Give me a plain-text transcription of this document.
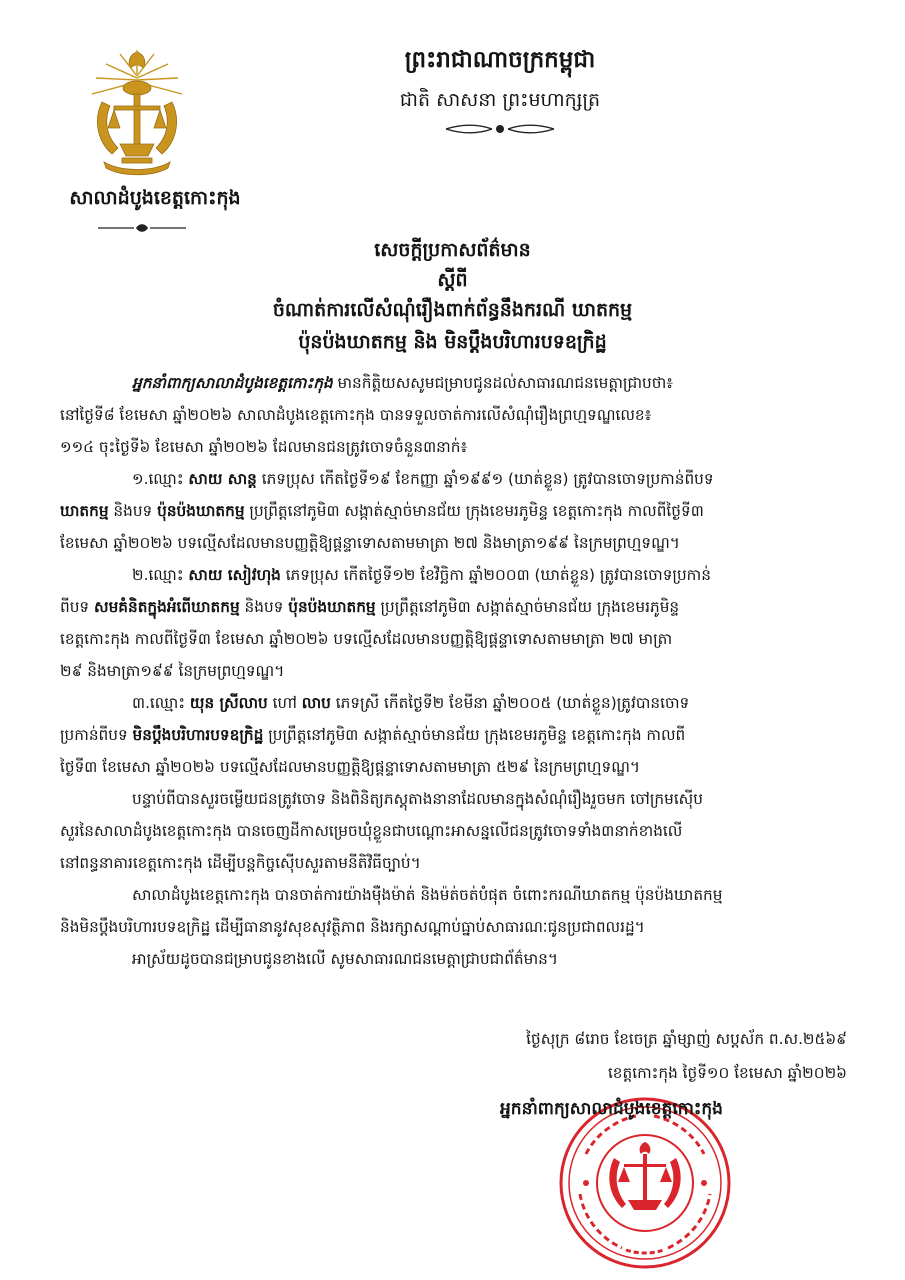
សាលាដំបូងខេត្តកោះកុង
ព្រះរាជាណាចក្រកម្ពុជា
ជាតិ សាសនា ព្រះមហាក្សត្រ
សេចក្តីប្រកាសព័ត៌មាន
ស្តីពី
ចំណាត់ការលើសំណុំរឿងពាក់ព័ន្ធនឹងករណី ឃាតកម្ម
ប៉ុនប៉ងឃាតកម្ម និង មិនប្តឹងបរិហារបទឧក្រិដ្ឋ
អ្នកនាំពាក្យសាលាដំបូងខេត្តកោះកុង មានកិត្តិយសសូមជម្រាបជូនដល់សាធារណជនមេត្តាជ្រាបថា៖
នៅថ្ងៃទី៨ ខែមេសា ឆ្នាំ២០២៦ សាលាដំបូងខេត្តកោះកុង បានទទួលចាត់ការលើសំណុំរឿងព្រហ្មទណ្ឌលេខ៖
១១៤ ចុះថ្ងៃទី៦ ខែមេសា ឆ្នាំ២០២៦ ដែលមានជនត្រូវចោទចំនួន៣នាក់៖
១.ឈ្មោះ សាយ សាន្ត ភេទប្រុស កើតថ្ងៃទី១៩ ខែកញ្ញា ឆ្នាំ១៩៩១ (ឃាត់ខ្លួន) ត្រូវបានចោទប្រកាន់ពីបទ
ឃាតកម្ម និងបទ ប៉ុនប៉ងឃាតកម្ម ប្រព្រឹត្តនៅភូមិ៣ សង្កាត់ស្មាច់មានជ័យ ក្រុងខេមរភូមិន្ទ ខេត្តកោះកុង កាលពីថ្ងៃទី៣
ខែមេសា ឆ្នាំ២០២៦ បទល្មើសដែលមានបញ្ញត្តិឱ្យផ្តន្ទាទោសតាមមាត្រា ២៧ និងមាត្រា១៩៩ នៃក្រមព្រហ្មទណ្ឌ។
២.ឈ្មោះ សាយ សៀវហុង ភេទប្រុស កើតថ្ងៃទី១២ ខែវិច្ឆិកា ឆ្នាំ២០០៣ (ឃាត់ខ្លួន) ត្រូវបានចោទប្រកាន់
ពីបទ សមគំនិតក្នុងអំពើឃាតកម្ម និងបទ ប៉ុនប៉ងឃាតកម្ម ប្រព្រឹត្តនៅភូមិ៣ សង្កាត់ស្មាច់មានជ័យ ក្រុងខេមរភូមិន្ទ
ខេត្តកោះកុង កាលពីថ្ងៃទី៣ ខែមេសា ឆ្នាំ២០២៦ បទល្មើសដែលមានបញ្ញត្តិឱ្យផ្តន្ទាទោសតាមមាត្រា ២៧ មាត្រា
២៩ និងមាត្រា១៩៩ នៃក្រមព្រហ្មទណ្ឌ។
៣.ឈ្មោះ យុន ស្រីលាប ហៅ លាប ភេទស្រី កើតថ្ងៃទី២ ខែមីនា ឆ្នាំ២០០៥ (ឃាត់ខ្លួន)ត្រូវបានចោទ
ប្រកាន់ពីបទ មិនប្តឹងបរិហារបទឧក្រិដ្ឋ ប្រព្រឹត្តនៅភូមិ៣ សង្កាត់ស្មាច់មានជ័យ ក្រុងខេមរភូមិន្ទ ខេត្តកោះកុង កាលពី
ថ្ងៃទី៣ ខែមេសា ឆ្នាំ២០២៦ បទល្មើសដែលមានបញ្ញត្តិឱ្យផ្តន្ទាទោសតាមមាត្រា ៥២៩ នៃក្រមព្រហ្មទណ្ឌ។
បន្ទាប់ពីបានសួរចម្លើយជនត្រូវចោទ និងពិនិត្យភស្តុតាងនានាដែលមានក្នុងសំណុំរឿងរួចមក ចៅក្រមស៊ើប
សួរនៃសាលាដំបូងខេត្តកោះកុង បានចេញដីកាសម្រេចឃុំខ្លួនជាបណ្តោះអាសន្នលើជនត្រូវចោទទាំង៣នាក់ខាងលើ
នៅពន្ធនាគារខេត្តកោះកុង ដើម្បីបន្តកិច្ចស៊ើបសួរតាមនីតិវិធីច្បាប់។
សាលាដំបូងខេត្តកោះកុង បានចាត់ការយ៉ាងម៉ឺងម៉ាត់ និងម៉ត់ចត់បំផុត ចំពោះករណីឃាតកម្ម ប៉ុនប៉ងឃាតកម្ម
និងមិនប្តឹងបរិហារបទឧក្រិដ្ឋ ដើម្បីធានានូវសុខសុវត្ថិភាព និងរក្សាសណ្តាប់ធ្នាប់សាធារណៈជូនប្រជាពលរដ្ឋ។
អាស្រ័យដូចបានជម្រាបជូនខាងលើ សូមសាធារណជនមេត្តាជ្រាបជាព័ត៌មាន។
ថ្ងៃសុក្រ ៨រោច ខែចេត្រ ឆ្នាំម្សាញ់ សប្តស័ក ព.ស.២៥៦៩
ខេត្តកោះកុង ថ្ងៃទី១០ ខែមេសា ឆ្នាំ២០២៦
អ្នកនាំពាក្យសាលាដំបូងខេត្តកោះកុង
